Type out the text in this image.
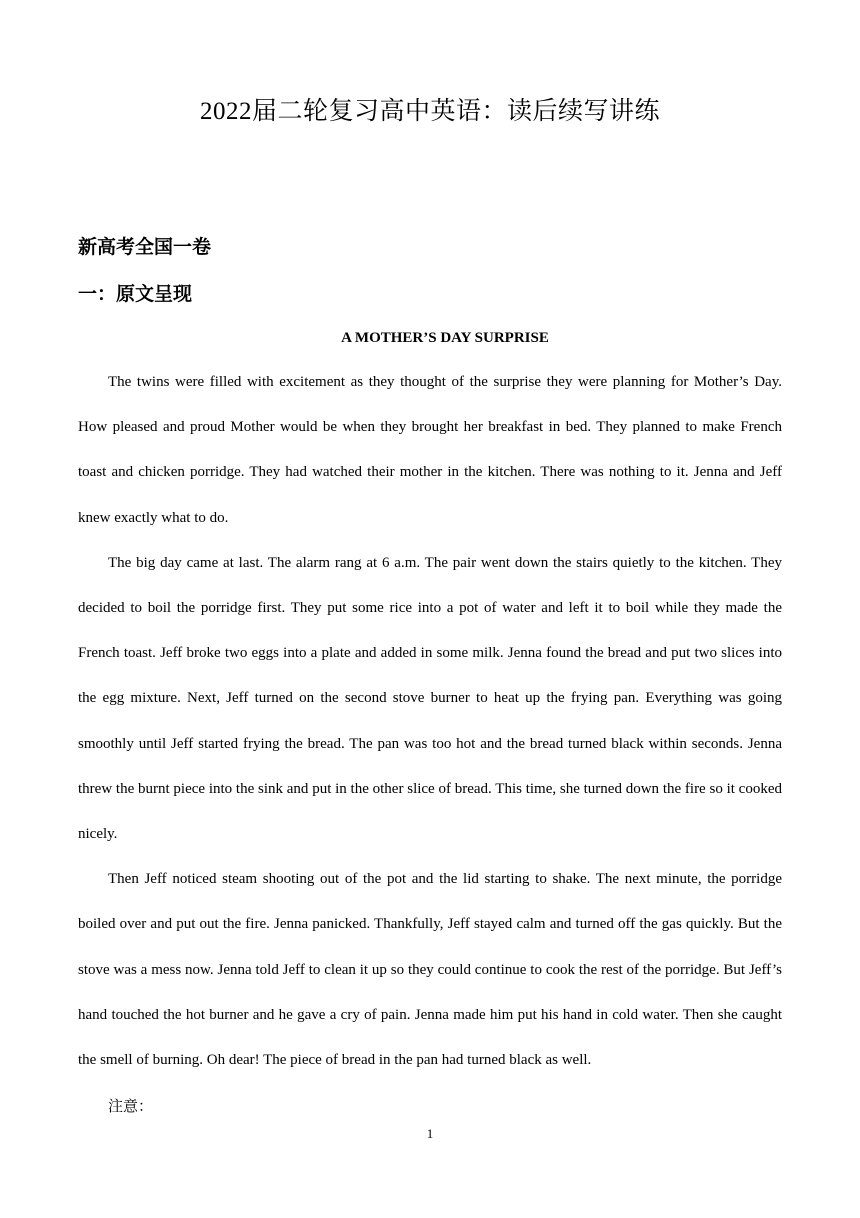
2022届二轮复习高中英语：读后续写讲练
新高考全国一卷
一：原文呈现
A MOTHER’S DAY SURPRISE

The twins were filled with excitement as they thought of the surprise they were planning for Mother’s Day. How pleased and proud Mother would be when they brought her breakfast in bed. They planned to make French toast and chicken porridge. They had watched their mother in the kitchen. There was nothing to it. Jenna and Jeff knew exactly what to do.

The big day came at last. The alarm rang at 6 a.m. The pair went down the stairs quietly to the kitchen. They decided to boil the porridge first. They put some rice into a pot of water and left it to boil while they made the French toast. Jeff broke two eggs into a plate and added in some milk. Jenna found the bread and put two slices into the egg mixture. Next, Jeff turned on the second stove burner to heat up the frying pan. Everything was going smoothly until Jeff started frying the bread. The pan was too hot and the bread turned black within seconds. Jenna threw the burnt piece into the sink and put in the other slice of bread. This time, she turned down the fire so it cooked nicely.

Then Jeff noticed steam shooting out of the pot and the lid starting to shake. The next minute, the porridge boiled over and put out the fire. Jenna panicked. Thankfully, Jeff stayed calm and turned off the gas quickly. But the stove was a mess now. Jenna told Jeff to clean it up so they could continue to cook the rest of the porridge. But Jeff’s hand touched the hot burner and he gave a cry of pain. Jenna made him put his hand in cold water. Then she caught the smell of burning. Oh dear! The piece of bread in the pan had turned black as well.

注意：
1
